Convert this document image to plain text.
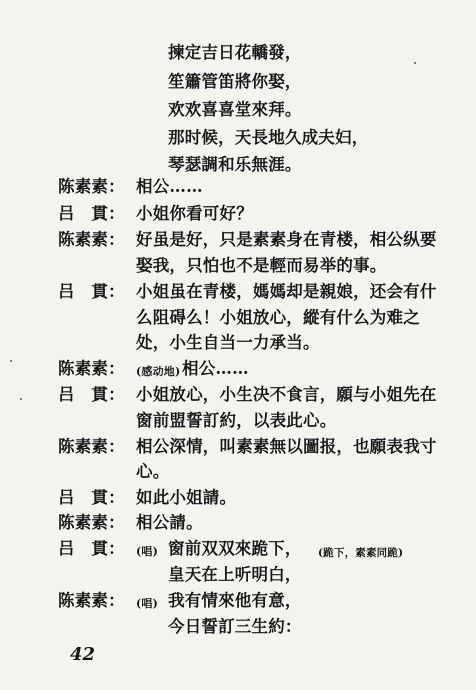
揀定吉日花轎發，
笙簫管笛將你娶，
欢欢喜喜堂來拜。
那时候，天長地久成夫妇，
琴瑟調和乐無涯。
陈素素： 相公……
吕　貫： 小姐你看可好？
陈素素： 好虽是好，只是素素身在青楼，相公纵要
娶我，只怕也不是輕而易举的事。
吕　貫： 小姐虽在青楼，媽媽却是親娘，还会有什
么阻碍么！小姐放心，縱有什么为难之
处，小生自当一力承当。
陈素素： (感动地) 相公……
吕　貫： 小姐放心，小生决不食言，願与小姐先在
窗前盟誓訂約，以表此心。
陈素素： 相公深情，叫素素無以圖报，也願表我寸
心。
吕　貫： 如此小姐請。
陈素素： 相公請。
吕　貫： (唱) 窗前双双來跪下， (跪下，素素同跪)
皇天在上听明白，
陈素素： (唱) 我有情來他有意，
今日誓訂三生約：
42
